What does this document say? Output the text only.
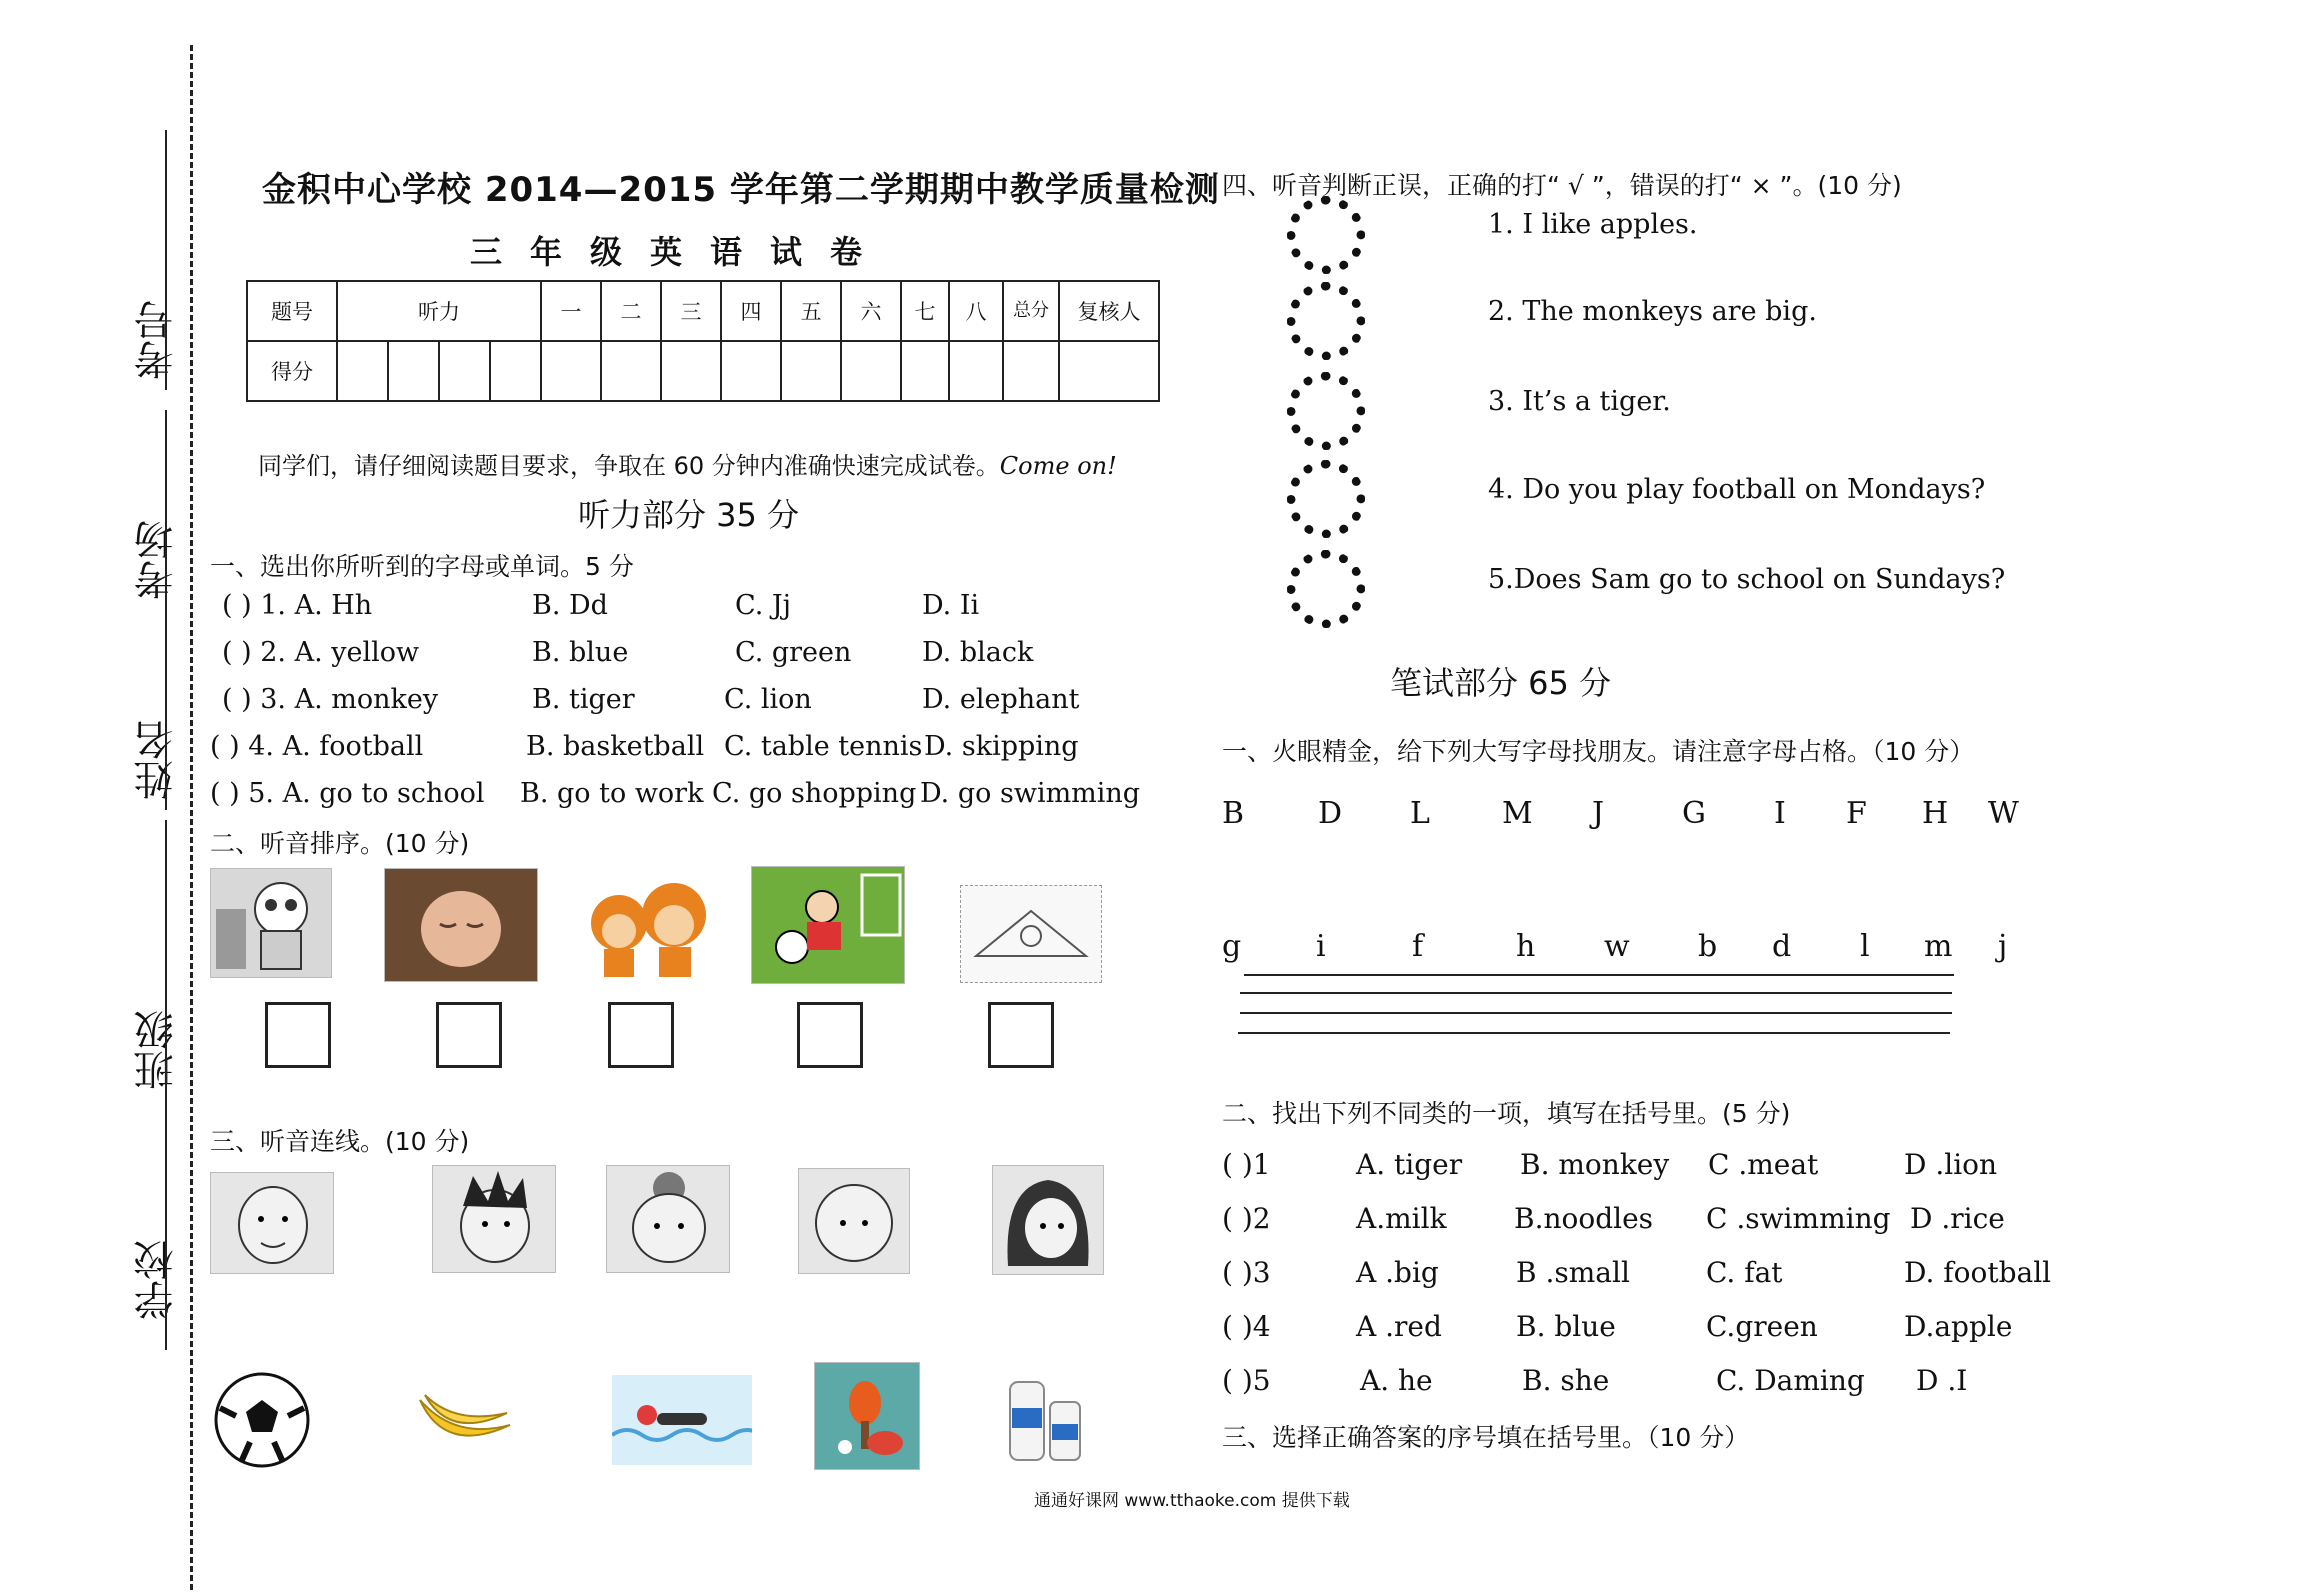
考号
考场
姓名
班级
学校
金积中心学校 2014—2015 学年第二学期期中教学质量检测
三年级英语试卷
题号	听力				一	二	三	四	五	六	七	八	总分	复核人
得分														
同学们，请仔细阅读题目要求，争取在 60 分钟内准确快速完成试卷。Come on!
听力部分 35 分
一、选出你所听到的字母或单词。5 分
( ) 1. A. Hh	B. Dd	C. Jj	D. Ii
( ) 2. A. yellow	B. blue	C. green	D. black
( ) 3. A. monkey	B. tiger	C. lion	D. elephant
( ) 4. A. football	B. basketball C. table tennis D. skipping
( ) 5. A. go to school B. go to work C. go shopping D. go swimming
二、听音排序。(10 分)
三、听音连线。(10 分)
四、听音判断正误，正确的打“ √ ”，错误的打“ × ”。(10 分)
1. I like apples.
2. The monkeys are big.
3. It’s a tiger.
4. Do you play football on Mondays?
5.Does Sam go to school on Sundays?
笔试部分 65 分
一、火眼精金，给下列大写字母找朋友。请注意字母占格。（10 分）
B D L M J	G I F H W
g i	f	h w b d l m j
二、找出下列不同类的一项，填写在括号里。(5 分)
( )1	A. tiger B. monkey C .meat	D .lion
( )2	A.milk B.noodles C .swimming D .rice
( )3	A .big	B .small	C. fat	D. football
( )4	A .red	B. blue	C.green	D.apple
( )5	A. he	B. she	C. Daming D .I
三、选择正确答案的序号填在括号里。（10 分）
通通好课网 www.tthaoke.com 提供下载
